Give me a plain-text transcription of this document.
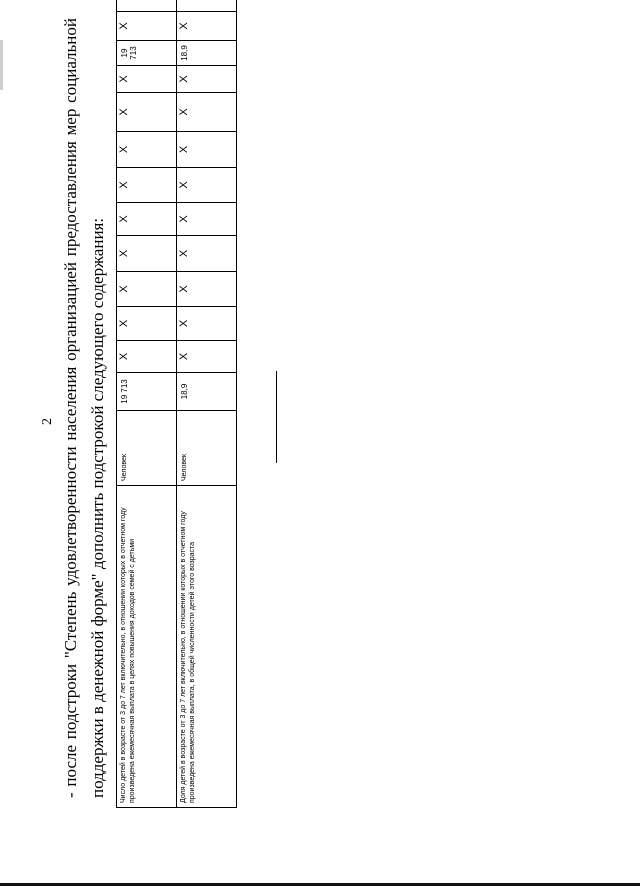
2 - после подстроки "Степень удовлетворенности населения организацией предоставления мер социальной поддержки в денежной форме" дополнить подстрокой следующего содержания: Число детей в возрасте от 3 до 7 лет включительно, в отношении которых в отчетном году произведена ежемесячная выплата в целях повышения доходов семей с детьми	Человек	19 713	X	X	X	X	X	X	X	X	X	19 713	X	
Доля детей в возрасте от 3 до 7 лет включительно, в отношении которых в отчетном году произведена ежемесячная выплата, в общей численности детей этого возраста	Человек	18,9	X	X	X	X	X	X	X	X	X	18,9	X	
